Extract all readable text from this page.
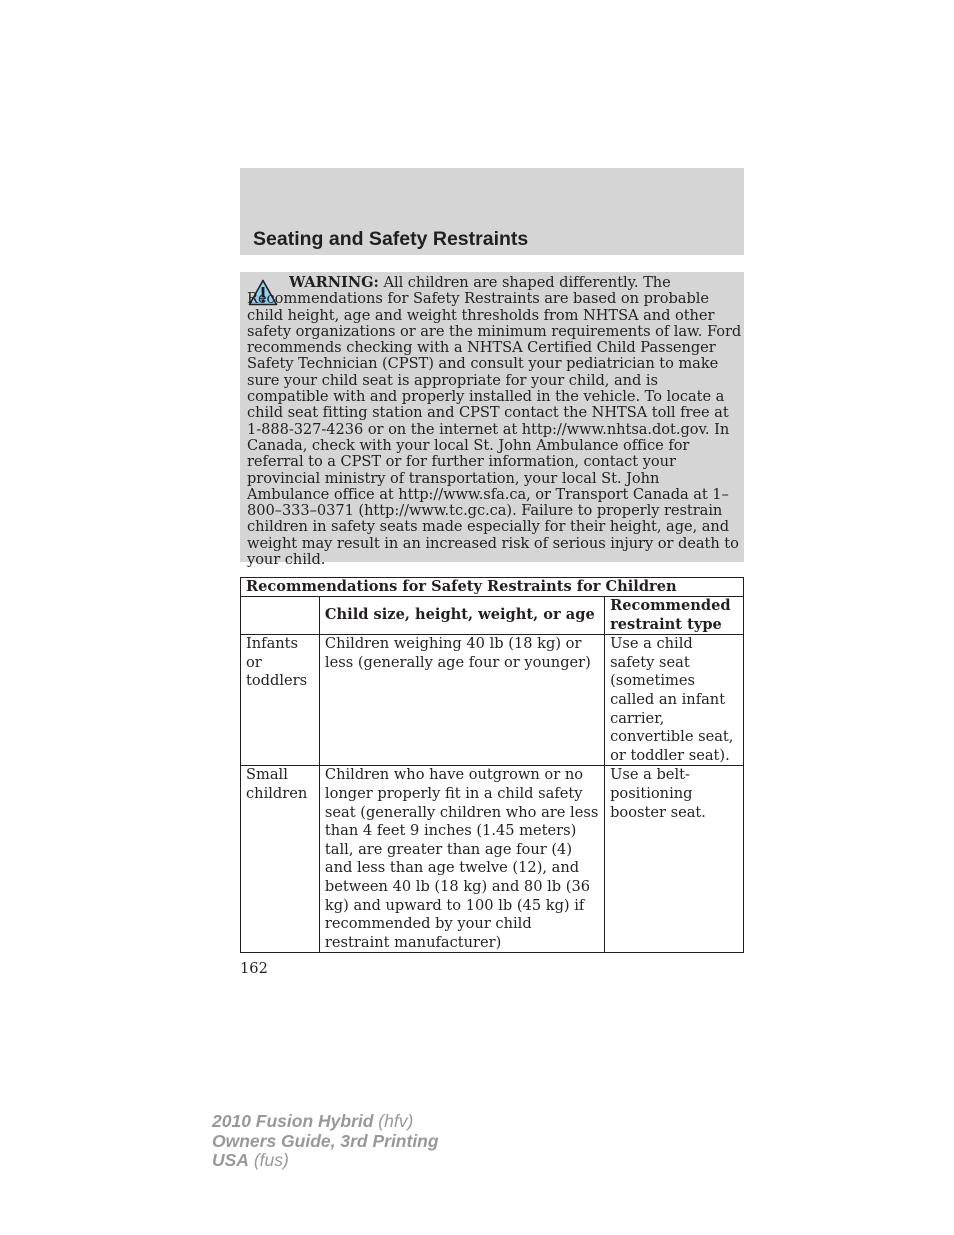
Seating and Safety Restraints

WARNING: All children are shaped differently. The Recommendations for Safety Restraints are based on probable child height, age and weight thresholds from NHTSA and other safety organizations or are the minimum requirements of law. Ford recommends checking with a NHTSA Certified Child Passenger Safety Technician (CPST) and consult your pediatrician to make sure your child seat is appropriate for your child, and is compatible with and properly installed in the vehicle. To locate a child seat fitting station and CPST contact the NHTSA toll free at 1-888-327-4236 or on the internet at http://www.nhtsa.dot.gov. In Canada, check with your local St. John Ambulance office for referral to a CPST or for further information, contact your provincial ministry of transportation, your local St. John Ambulance office at http://www.sfa.ca, or Transport Canada at 1–800–333–0371 (http://www.tc.gc.ca). Failure to properly restrain children in safety seats made especially for their height, age, and weight may result in an increased risk of serious injury or death to your child.

Recommendations for Safety Restraints for Children		
	Child size, height, weight, or age	Recommended restraint type
Infants or toddlers	Children weighing 40 lb (18 kg) or less (generally age four or younger)	Use a child safety seat (sometimes called an infant carrier, convertible seat, or toddler seat).
Small children	Children who have outgrown or no longer properly fit in a child safety seat (generally children who are less than 4 feet 9 inches (1.45 meters) tall, are greater than age four (4) and less than age twelve (12), and between 40 lb (18 kg) and 80 lb (36 kg) and upward to 100 lb (45 kg) if recommended by your child restraint manufacturer)	Use a belt-positioning booster seat.
162
2010 Fusion Hybrid (hfv)
Owners Guide, 3rd Printing
USA (fus)
